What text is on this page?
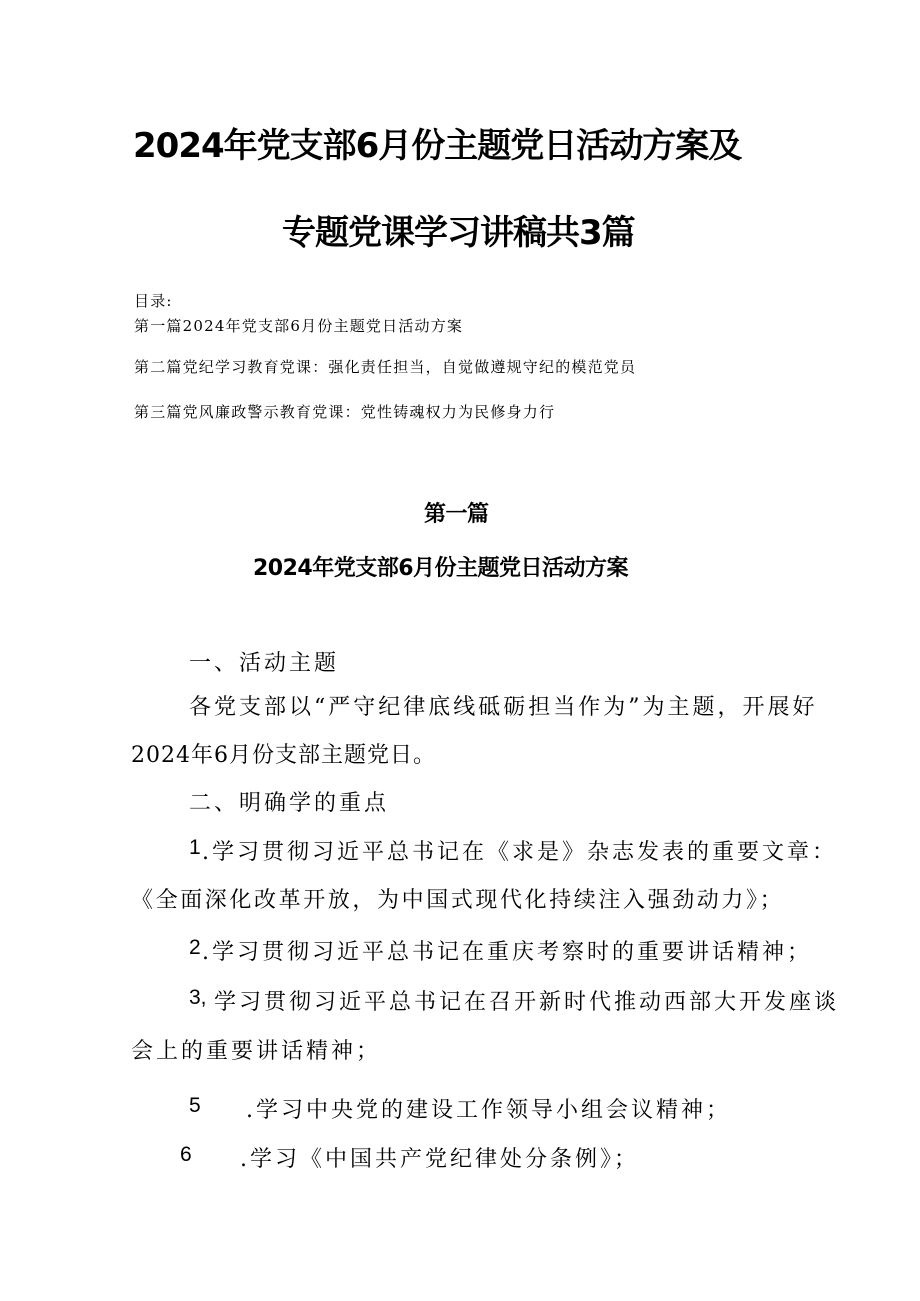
2024年党支部6月份主题党日活动方案及
专题党课学习讲稿共3篇
目录:
第一篇2024年党支部6月份主题党日活动方案
第二篇党纪学习教育党课：强化责任担当，自觉做遵规守纪的模范党员
第三篇党风廉政警示教育党课：党性铸魂权力为民修身力行
第一篇
2024年党支部6月份主题党日活动方案
一、活动主题
各党支部以“严守纪律底线砥砺担当作为”为主题，开展好
2024年6月份支部主题党日。
二、明确学的重点
1 .学习贯彻习近平总书记在《求是》杂志发表的重要文章：
《全面深化改革开放，为中国式现代化持续注入强劲动力》；
2 .学习贯彻习近平总书记在重庆考察时的重要讲话精神；
3, 学习贯彻习近平总书记在召开新时代推动西部大开发座谈
会上的重要讲话精神；
5 .学习中央党的建设工作领导小组会议精神；
6 .学习《中国共产党纪律处分条例》；
